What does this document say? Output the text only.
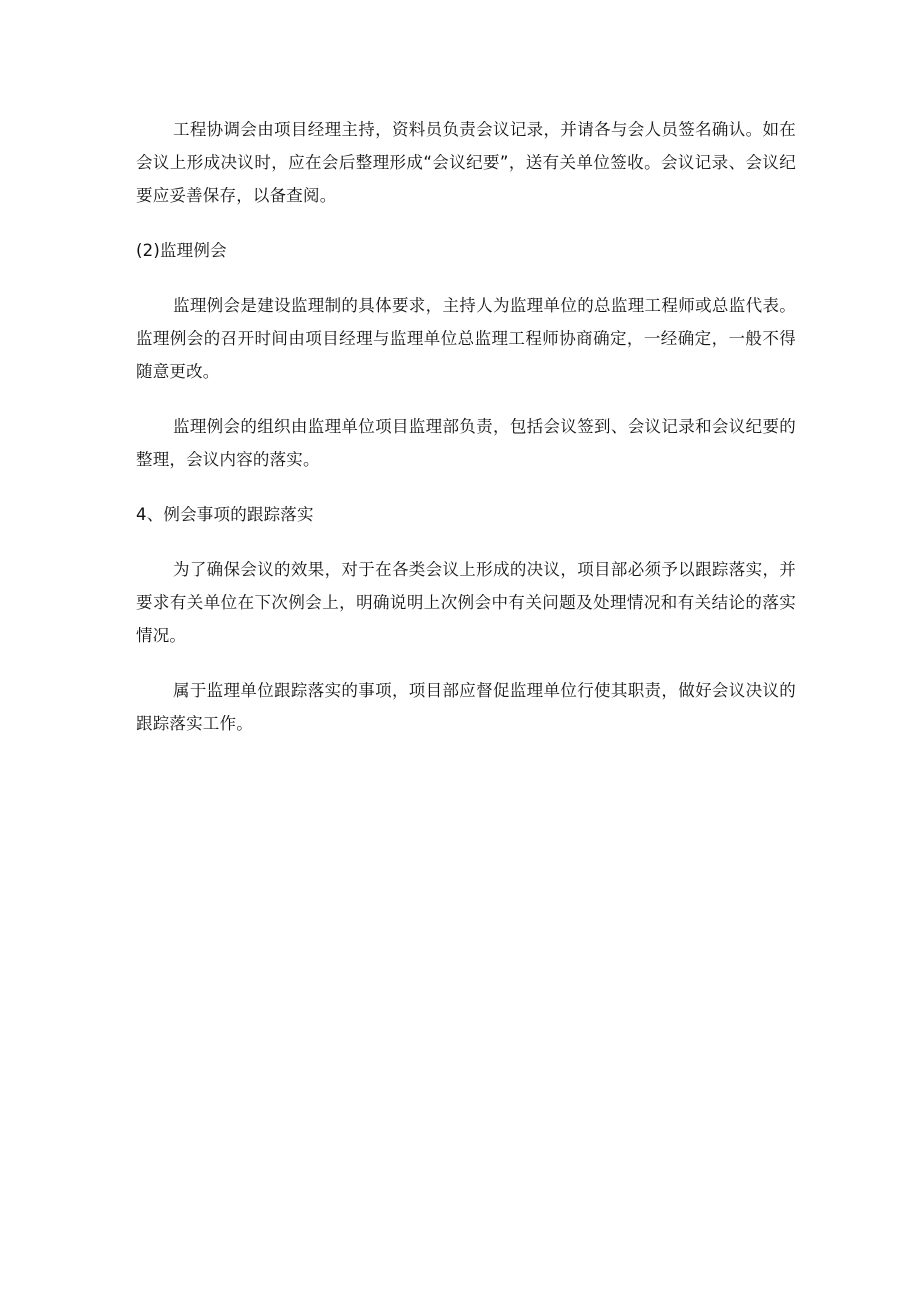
工程协调会由项目经理主持，资料员负责会议记录，并请各与会人员签名确认。如在会议上形成决议时，应在会后整理形成“会议纪要”，送有关单位签收。会议记录、会议纪要应妥善保存，以备查阅。

(2)监理例会

监理例会是建设监理制的具体要求，主持人为监理单位的总监理工程师或总监代表。监理例会的召开时间由项目经理与监理单位总监理工程师协商确定，一经确定，一般不得随意更改。

监理例会的组织由监理单位项目监理部负责，包括会议签到、会议记录和会议纪要的整理，会议内容的落实。

4、例会事项的跟踪落实

为了确保会议的效果，对于在各类会议上形成的决议，项目部必须予以跟踪落实，并要求有关单位在下次例会上，明确说明上次例会中有关问题及处理情况和有关结论的落实情况。

属于监理单位跟踪落实的事项，项目部应督促监理单位行使其职责，做好会议决议的跟踪落实工作。
